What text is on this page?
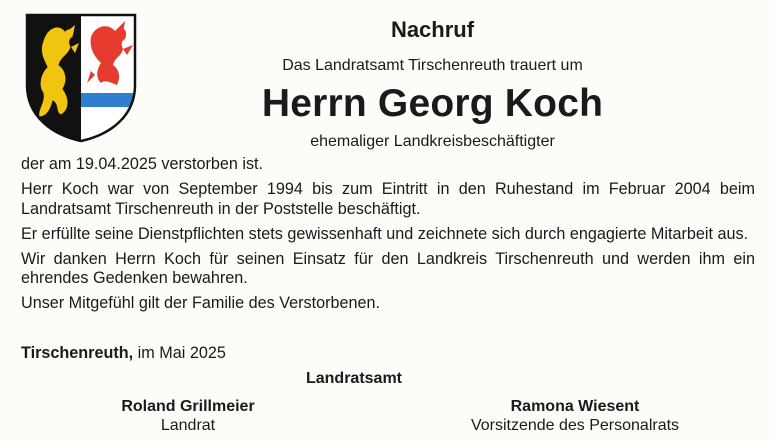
Nachruf
Das Landratsamt Tirschenreuth trauert um
Herrn Georg Koch
ehemaliger Landkreisbeschäftigter

der am 19.04.2025 verstorben ist.

Herr Koch war von September 1994 bis zum Eintritt in den Ruhestand im Februar 2004 beim Landratsamt Tirschenreuth in der Poststelle beschäftigt.

Er erfüllte seine Dienstpflichten stets gewissenhaft und zeichnete sich durch engagierte Mitarbeit aus.

Wir danken Herrn Koch für seinen Einsatz für den Landkreis Tirschenreuth und werden ihm ein ehrendes Gedenken bewahren.

Unser Mitgefühl gilt der Familie des Verstorbenen.

Tirschenreuth, im Mai 2025
Landratsamt
Roland Grillmeier
Landrat
Ramona Wiesent
Vorsitzende des Personalrats
